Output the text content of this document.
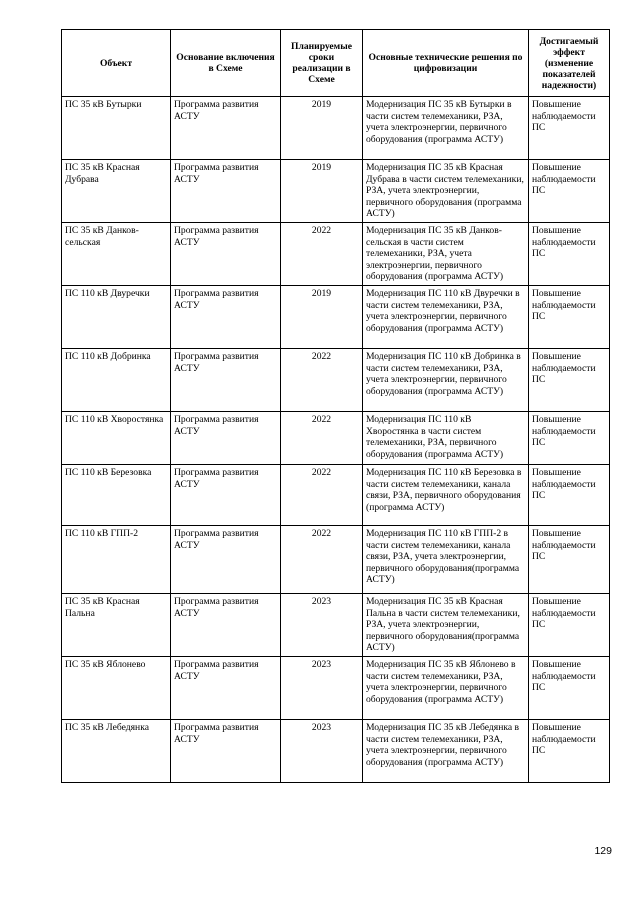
Объект	Основание включения в Схеме	Планируемые сроки реализации в Схеме	Основные технические решения по цифровизации	Достигаемый эффект (изменение показателей надежности)
ПС 35 кВ Бутырки	Программа развития АСТУ	2019	Модернизация ПС 35 кВ Бутырки в части систем телемеханики, РЗА, учета электроэнергии, первичного оборудования (программа АСТУ)	Повышение наблюдаемости ПС
ПС 35 кВ Красная Дубрава	Программа развития АСТУ	2019	Модернизация ПС 35 кВ Красная Дубрава в части систем телемеханики, РЗА, учета электроэнергии, первичного оборудования (программа АСТУ)	Повышение наблюдаемости ПС
ПС 35 кВ Данков-сельская	Программа развития АСТУ	2022	Модернизация ПС 35 кВ Данков-сельская в части систем телемеханики, РЗА, учета электроэнергии, первичного оборудования (программа АСТУ)	Повышение наблюдаемости ПС
ПС 110 кВ Двуречки	Программа развития АСТУ	2019	Модернизация ПС 110 кВ Двуречки в части систем телемеханики, РЗА, учета электроэнергии, первичного оборудования (программа АСТУ)	Повышение наблюдаемости ПС
ПС 110 кВ Добринка	Программа развития АСТУ	2022	Модернизация ПС 110 кВ Добринка в части систем телемеханики, РЗА, учета электроэнергии, первичного оборудования (программа АСТУ)	Повышение наблюдаемости ПС
ПС 110 кВ Хворостянка	Программа развития АСТУ	2022	Модернизация ПС 110 кВ Хворостянка в части систем телемеханики, РЗА, первичного оборудования (программа АСТУ)	Повышение наблюдаемости ПС
ПС 110 кВ Березовка	Программа развития АСТУ	2022	Модернизация ПС 110 кВ Березовка в части систем телемеханики, канала связи, РЗА, первичного оборудования (программа АСТУ)	Повышение наблюдаемости ПС
ПС 110 кВ ГПП-2	Программа развития АСТУ	2022	Модернизация ПС 110 кВ ГПП-2 в части систем телемеханики, канала связи, РЗА, учета электроэнергии, первичного оборудования(программа АСТУ)	Повышение наблюдаемости ПС
ПС 35 кВ Красная Пальна	Программа развития АСТУ	2023	Модернизация ПС 35 кВ Красная Пальна в части систем телемеханики, РЗА, учета электроэнергии, первичного оборудования(программа АСТУ)	Повышение наблюдаемости ПС
ПС 35 кВ Яблонево	Программа развития АСТУ	2023	Модернизация ПС 35 кВ Яблонево в части систем телемеханики, РЗА, учета электроэнергии, первичного оборудования (программа АСТУ)	Повышение наблюдаемости ПС
ПС 35 кВ Лебедянка	Программа развития АСТУ	2023	Модернизация ПС 35 кВ Лебедянка в части систем телемеханики, РЗА, учета электроэнергии, первичного оборудования (программа АСТУ)	Повышение наблюдаемости ПС
129
